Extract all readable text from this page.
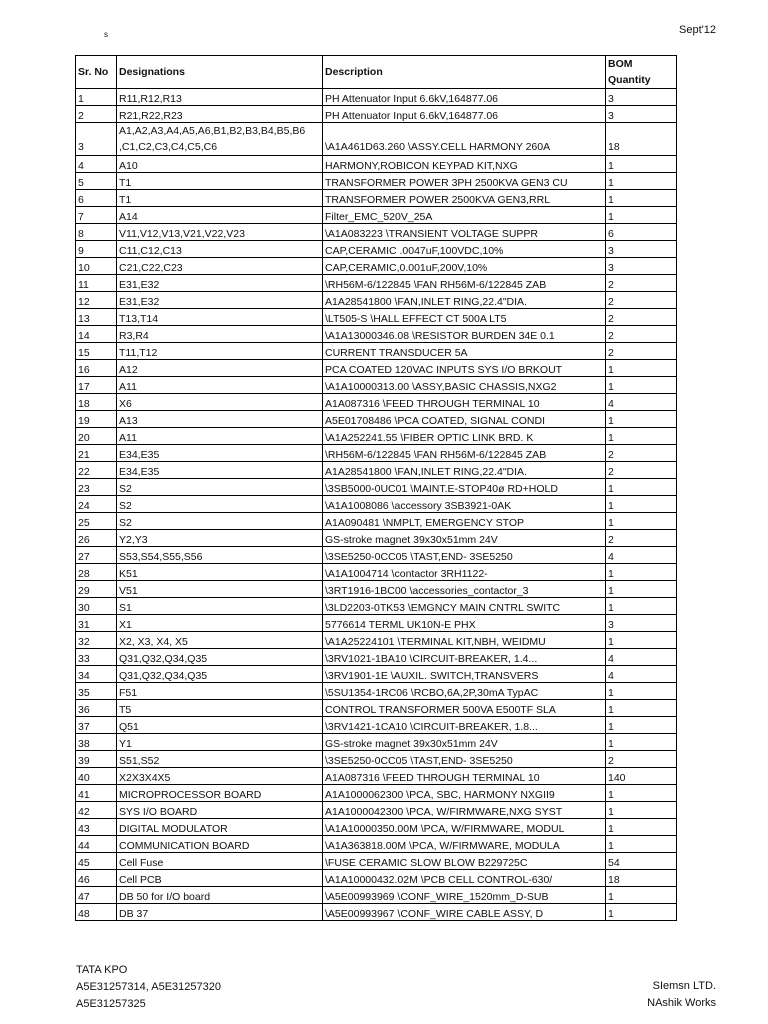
s	Sept'12
Sr. No	Designations	Description	BOM Quantity
1	R11,R12,R13	PH Attenuator Input 6.6kV,164877.06	3
2	R21,R22,R23	PH Attenuator Input 6.6kV,164877.06	3
3	A1,A2,A3,A4,A5,A6,B1,B2,B3,B4,B5,B6 ,C1,C2,C3,C4,C5,C6	\A1A461D63.260 \ASSY.CELL HARMONY 260A	18
4	A10	HARMONY,ROBICON KEYPAD KIT,NXG	1
5	T1	TRANSFORMER POWER 3PH 2500KVA GEN3 CU	1
6	T1	TRANSFORMER POWER 2500KVA GEN3,RRL	1
7	A14	Filter_EMC_520V_25A	1
8	V11,V12,V13,V21,V22,V23	\A1A083223 \TRANSIENT VOLTAGE SUPPR	6
9	C11,C12,C13	CAP,CERAMIC .0047uF,100VDC,10%	3
10	C21,C22,C23	CAP,CERAMIC,0.001uF,200V,10%	3
11	E31,E32	\RH56M-6/122845 \FAN RH56M-6/122845 ZAB	2
12	E31,E32	A1A28541800 \FAN,INLET RING,22.4"DIA.	2
13	T13,T14	\LT505-S \HALL EFFECT CT 500A LT5	2
14	R3,R4	\A1A13000346.08 \RESISTOR BURDEN 34E 0.1	2
15	T11,T12	CURRENT TRANSDUCER 5A	2
16	A12	PCA COATED 120VAC INPUTS SYS I/O BRKOUT	1
17	A11	\A1A10000313.00 \ASSY,BASIC CHASSIS,NXG2	1
18	X6	A1A087316 \FEED THROUGH TERMINAL 10	4
19	A13	A5E01708486 \PCA COATED, SIGNAL CONDI	1
20	A11	\A1A252241.55 \FIBER OPTIC LINK BRD. K	1
21	E34,E35	\RH56M-6/122845 \FAN RH56M-6/122845 ZAB	2
22	E34,E35	A1A28541800 \FAN,INLET RING,22.4"DIA.	2
23	S2	\3SB5000-0UC01 \MAINT.E-STOP40ø RD+HOLD	1
24	S2	\A1A1008086 \accessory 3SB3921-0AK	1
25	S2	A1A090481 \NMPLT, EMERGENCY STOP	1
26	Y2,Y3	GS-stroke magnet 39x30x51mm 24V	2
27	S53,S54,S55,S56	\3SE5250-0CC05 \TAST,END- 3SE5250	4
28	K51	\A1A1004714 \contactor 3RH1122-	1
29	V51	\3RT1916-1BC00 \accessories_contactor_3	1
30	S1	\3LD2203-0TK53 \EMGNCY MAIN CNTRL SWITC	1
31	X1	5776614 TERML UK10N-E PHX	3
32	X2, X3, X4, X5	\A1A25224101 \TERMINAL KIT,NBH, WEIDMU	1
33	Q31,Q32,Q34,Q35	\3RV1021-1BA10 \CIRCUIT-BREAKER, 1.4...	4
34	Q31,Q32,Q34,Q35	\3RV1901-1E \AUXIL. SWITCH,TRANSVERS	4
35	F51	\5SU1354-1RC06 \RCBO,6A,2P,30mA TypAC	1
36	T5	CONTROL TRANSFORMER 500VA E500TF SLA	1
37	Q51	\3RV1421-1CA10 \CIRCUIT-BREAKER, 1.8...	1
38	Y1	GS-stroke magnet 39x30x51mm 24V	1
39	S51,S52	\3SE5250-0CC05 \TAST,END- 3SE5250	2
40	X2X3X4X5	A1A087316 \FEED THROUGH TERMINAL 10	140
41	MICROPROCESSOR BOARD	A1A1000062300 \PCA, SBC, HARMONY NXGII9	1
42	SYS I/O BOARD	A1A1000042300 \PCA, W/FIRMWARE,NXG SYST	1
43	DIGITAL MODULATOR	\A1A10000350.00M \PCA, W/FIRMWARE, MODUL	1
44	COMMUNICATION BOARD	\A1A363818.00M \PCA, W/FIRMWARE, MODULA	1
45	Cell Fuse	\FUSE CERAMIC SLOW BLOW B229725C	54
46	Cell PCB	\A1A10000432.02M \PCB CELL CONTROL-630/	18
47	DB 50 for I/O board	\A5E00993969 \CONF_WIRE_1520mm_D-SUB	1
48	DB 37	\A5E00993967 \CONF_WIRE CABLE ASSY, D	1
TATA KPO
A5E31257314, A5E31257320
A5E31257325
SIemsn LTD.
NAshik Works
